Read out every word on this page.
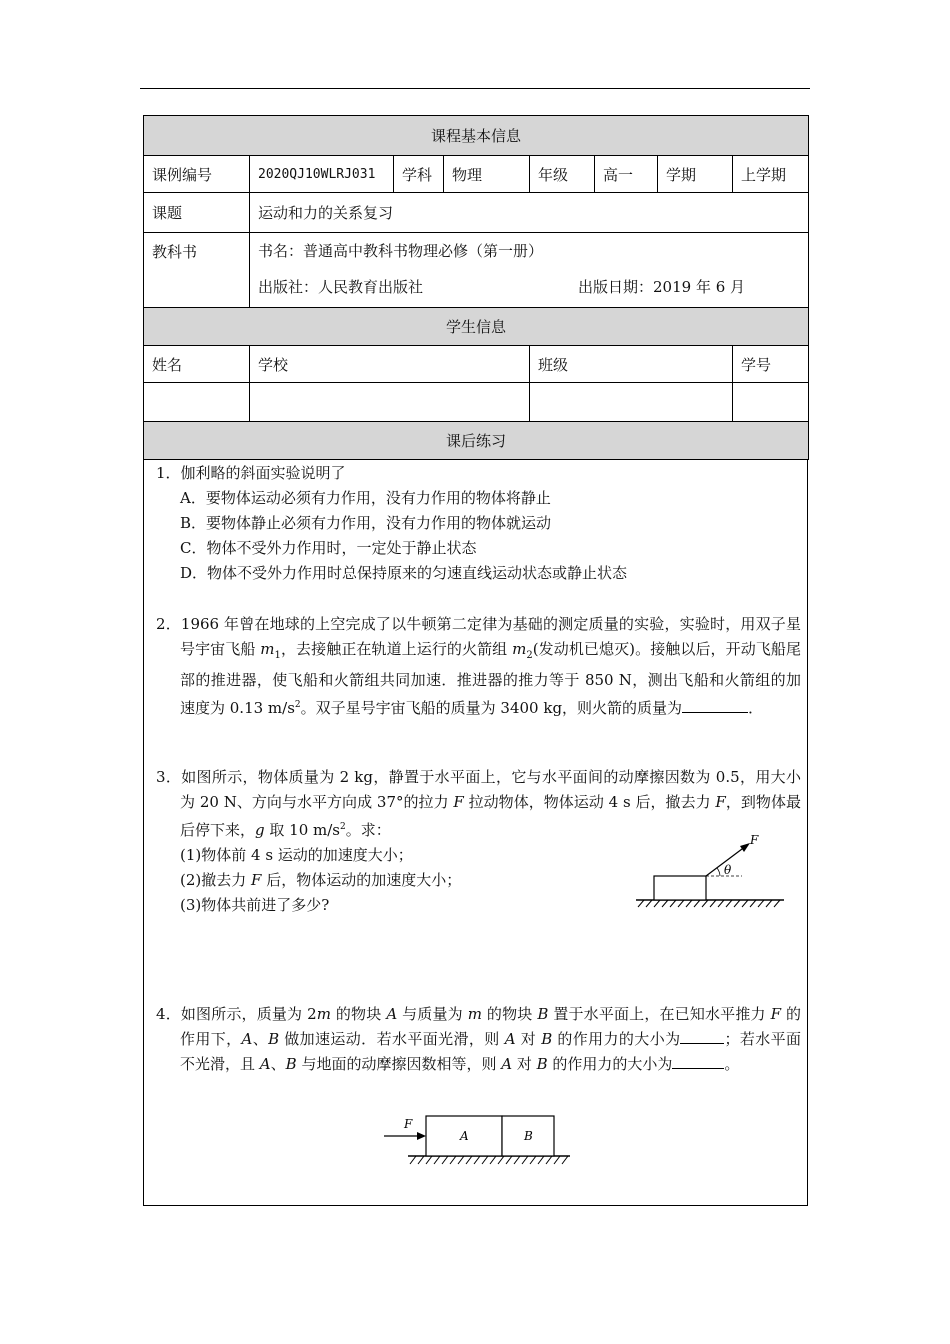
课程基本信息							
课例编号	2020QJ10WLRJ031	学科	物理	年级	高一	学期	上学期
课题	运动和力的关系复习						
教科书	书名：普通高中教科书物理必修（第一册）
出版社：人民教育出版社 出版日期：2019 年 6 月						

学生信息							
姓名	学校			班级			学号

课后练习							
1．伽利略的斜面实验说明了
A．要物体运动必须有力作用，没有力作用的物体将静止
B．要物体静止必须有力作用，没有力作用的物体就运动
C．物体不受外力作用时，一定处于静止状态
D．物体不受外力作用时总保持原来的匀速直线运动状态或静止状态
2．1966 年曾在地球的上空完成了以牛顿第二定律为基础的测定质量的实验，实验时，用双子星号宇宙飞船 $m_1$，去接触正在轨道上运行的火箭组 $m_2$(发动机已熄灭)。接触以后，开动飞船尾部的推进器，使飞船和火箭组共同加速．推进器的推力等于 850 N，测出飞船和火箭组的加速度为 0.13 $m/s^2$。双子星号宇宙飞船的质量为 3400 kg，则火箭的质量为	．
3．如图所示，物体质量为 2 kg，静置于水平面上，它与水平面间的动摩擦因数为 0.5，用大小为 20 N、方向与水平方向成 37°的拉力 F 拉动物体，物体运动 4 s 后，撤去力 F，到物体最后停下来，g 取 10 $m/s^2$。求：
(1)物体前 4 s 运动的加速度大小；
(2)撤去力 F 后，物体运动的加速度大小；
(3)物体共前进了多少?
F
θ
4．如图所示，质量为 2m 的物块 A 与质量为 m 的物块 B 置于水平面上，在已知水平推力 F 的作用下，A、B 做加速运动．若水平面光滑，则 A 对 B 的作用力的大小为	；若水平面不光滑，且 A、B 与地面的动摩擦因数相等，则 A 对 B 的作用力的大小为	。
F
A	B
